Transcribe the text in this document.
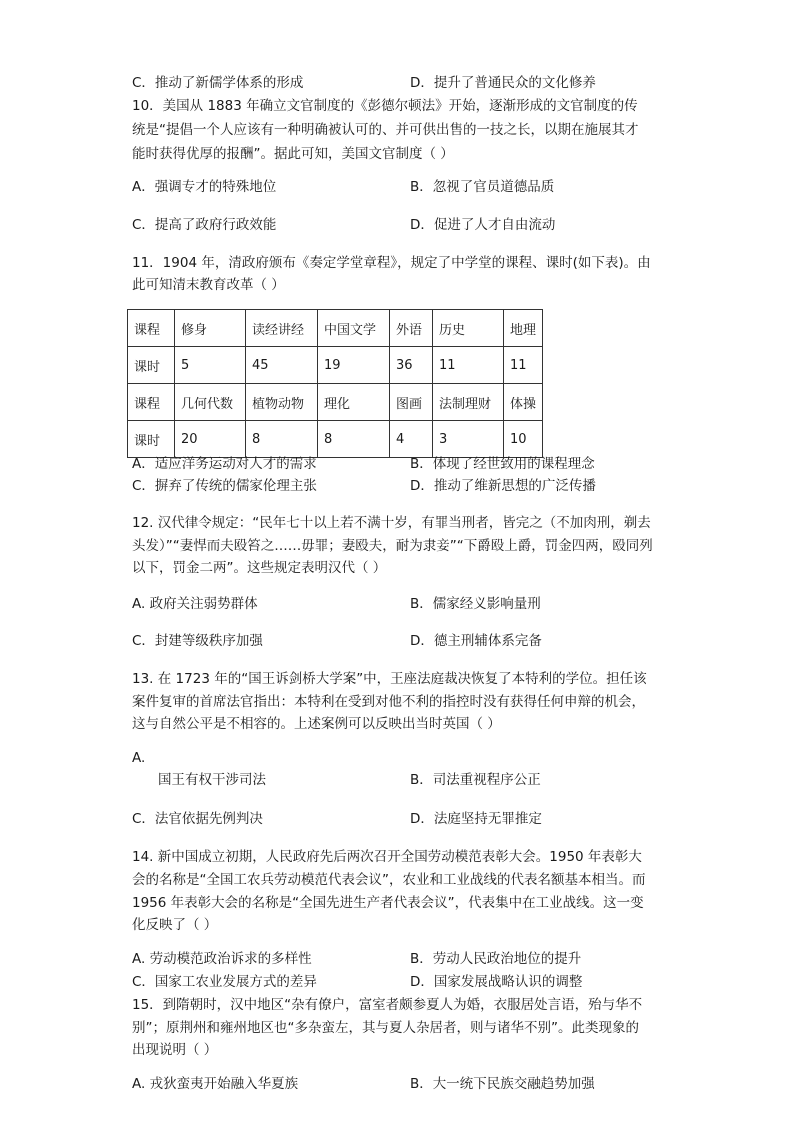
C．推动了新儒学体系的形成	D．提升了普通民众的文化修养
10．美国从 1883 年确立文官制度的《彭德尔顿法》开始，逐渐形成的文官制度的传
统是“提倡一个人应该有一种明确被认可的、并可供出售的一技之长，以期在施展其才
能时获得优厚的报酬”。据此可知，美国文官制度（ ）
A．强调专才的特殊地位	B．忽视了官员道德品质
C．提高了政府行政效能	D．促进了人才自由流动
11．1904 年，清政府颁布《奏定学堂章程》，规定了中学堂的课程、课时(如下表)。由
此可知清末教育改革（ ）
课程	修身	读经讲经	中国文学	外语	历史	地理
课时	5	45	19	36	11	11
课程	几何代数	植物动物	理化	图画	法制理财	体操
课时	20	8	8	4	3	10
A．适应洋务运动对人才的需求	B．体现了经世致用的课程理念
C．摒弃了传统的儒家伦理主张	D．推动了维新思想的广泛传播
12. 汉代律令规定：“民年七十以上若不满十岁，有罪当刑者，皆完之（不加肉刑，剃去
头发）”“妻悍而夫殴笞之……毋罪；妻殴夫，耐为隶妾”“下爵殴上爵，罚金四两，殴同列
以下，罚金二两”。这些规定表明汉代（ ）
A. 政府关注弱势群体	B．儒家经义影响量刑
C．封建等级秩序加强	D．德主刑辅体系完备
13. 在 1723 年的“国王诉剑桥大学案”中，王座法庭裁决恢复了本特利的学位。担任该
案件复审的首席法官指出：本特利在受到对他不利的指控时没有获得任何申辩的机会，
这与自然公平是不相容的。上述案例可以反映出当时英国（ ）
A.
国王有权干涉司法	B．司法重视程序公正
C．法官依据先例判决	D．法庭坚持无罪推定
14. 新中国成立初期，人民政府先后两次召开全国劳动模范表彰大会。1950 年表彰大
会的名称是“全国工农兵劳动模范代表会议”，农业和工业战线的代表名额基本相当。而
1956 年表彰大会的名称是“全国先进生产者代表会议”，代表集中在工业战线。这一变
化反映了（ ）
A. 劳动模范政治诉求的多样性	B．劳动人民政治地位的提升
C．国家工农业发展方式的差异	D．国家发展战略认识的调整
15．到隋朝时，汉中地区“杂有僚户，富室者颇参夏人为婚，衣服居处言语，殆与华不
别”；原荆州和雍州地区也“多杂蛮左，其与夏人杂居者，则与诸华不别”。此类现象的
出现说明（ ）
A. 戎狄蛮夷开始融入华夏族	B．大一统下民族交融趋势加强
